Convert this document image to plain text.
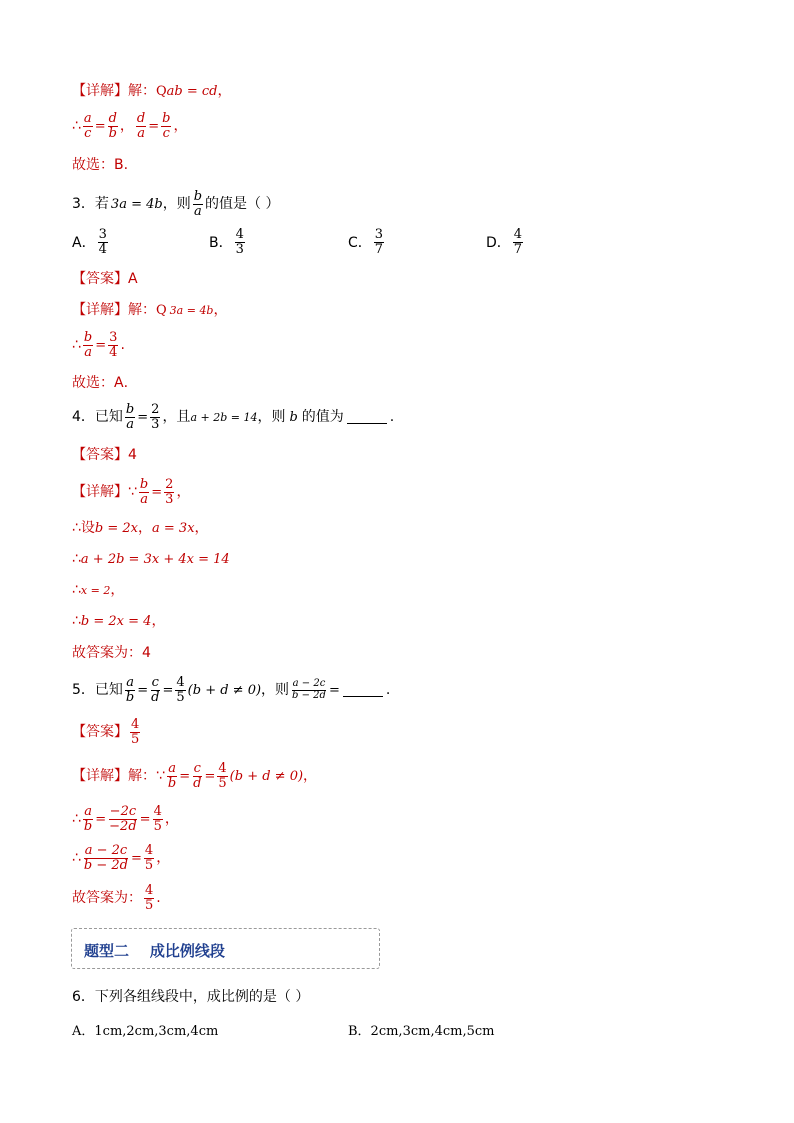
【详解】 解： Q ab = cd ，
∴ $\frac{a}{c} = \frac{d}{b}$ ， $\frac{d}{a} = \frac{b}{c}$ ，
故选： B .
3． 若 3a = 4b ，则 $\frac{b}{a}$ 的值是（ ）
A． $\frac{3}{4}$	B． $\frac{4}{3}$	C． $\frac{3}{7}$	D． $\frac{4}{7}$
【答案】 A
【详解】 解： Q 3a = 4b ，
∴ $\frac{b}{a} = \frac{3}{4}$ .
故选： A .
4． 已知 $\frac{b}{a} = \frac{2}{3}$ ，且 a + 2b = 14 ，则 b 的值为	.
【答案】 4
【详解】 ∵ $\frac{b}{a} = \frac{2}{3}$ ，
∴ 设 b = 2x ， a = 3x ，
∴ a + 2b = 3x + 4x = 14
∴ x = 2 ，
∴ b = 2x = 4 ，
故答案为： 4
5． 已知 $\frac{a}{b} = \frac{c}{d} = \frac{4}{5} (b + d \ne 0)$ ，则 $\frac{a - 2c}{b - 2d}$ =	.
【答案】 $\frac{4}{5}$
【详解】 解： ∵ $\frac{a}{b} = \frac{c}{d} = \frac{4}{5} (b + d \ne 0)$ ，
∴ $\frac{a}{b} = \frac{-2c}{-2d} = \frac{4}{5}$ ，
∴ $\frac{a - 2c}{b - 2d} = \frac{4}{5}$ ，
故答案为： $\frac{4}{5}$ .
题型二    成比例线段
6．下列各组线段中，成比例的是（ ）
A．1cm,2cm,3cm,4cm	B．2cm,3cm,4cm,5cm
